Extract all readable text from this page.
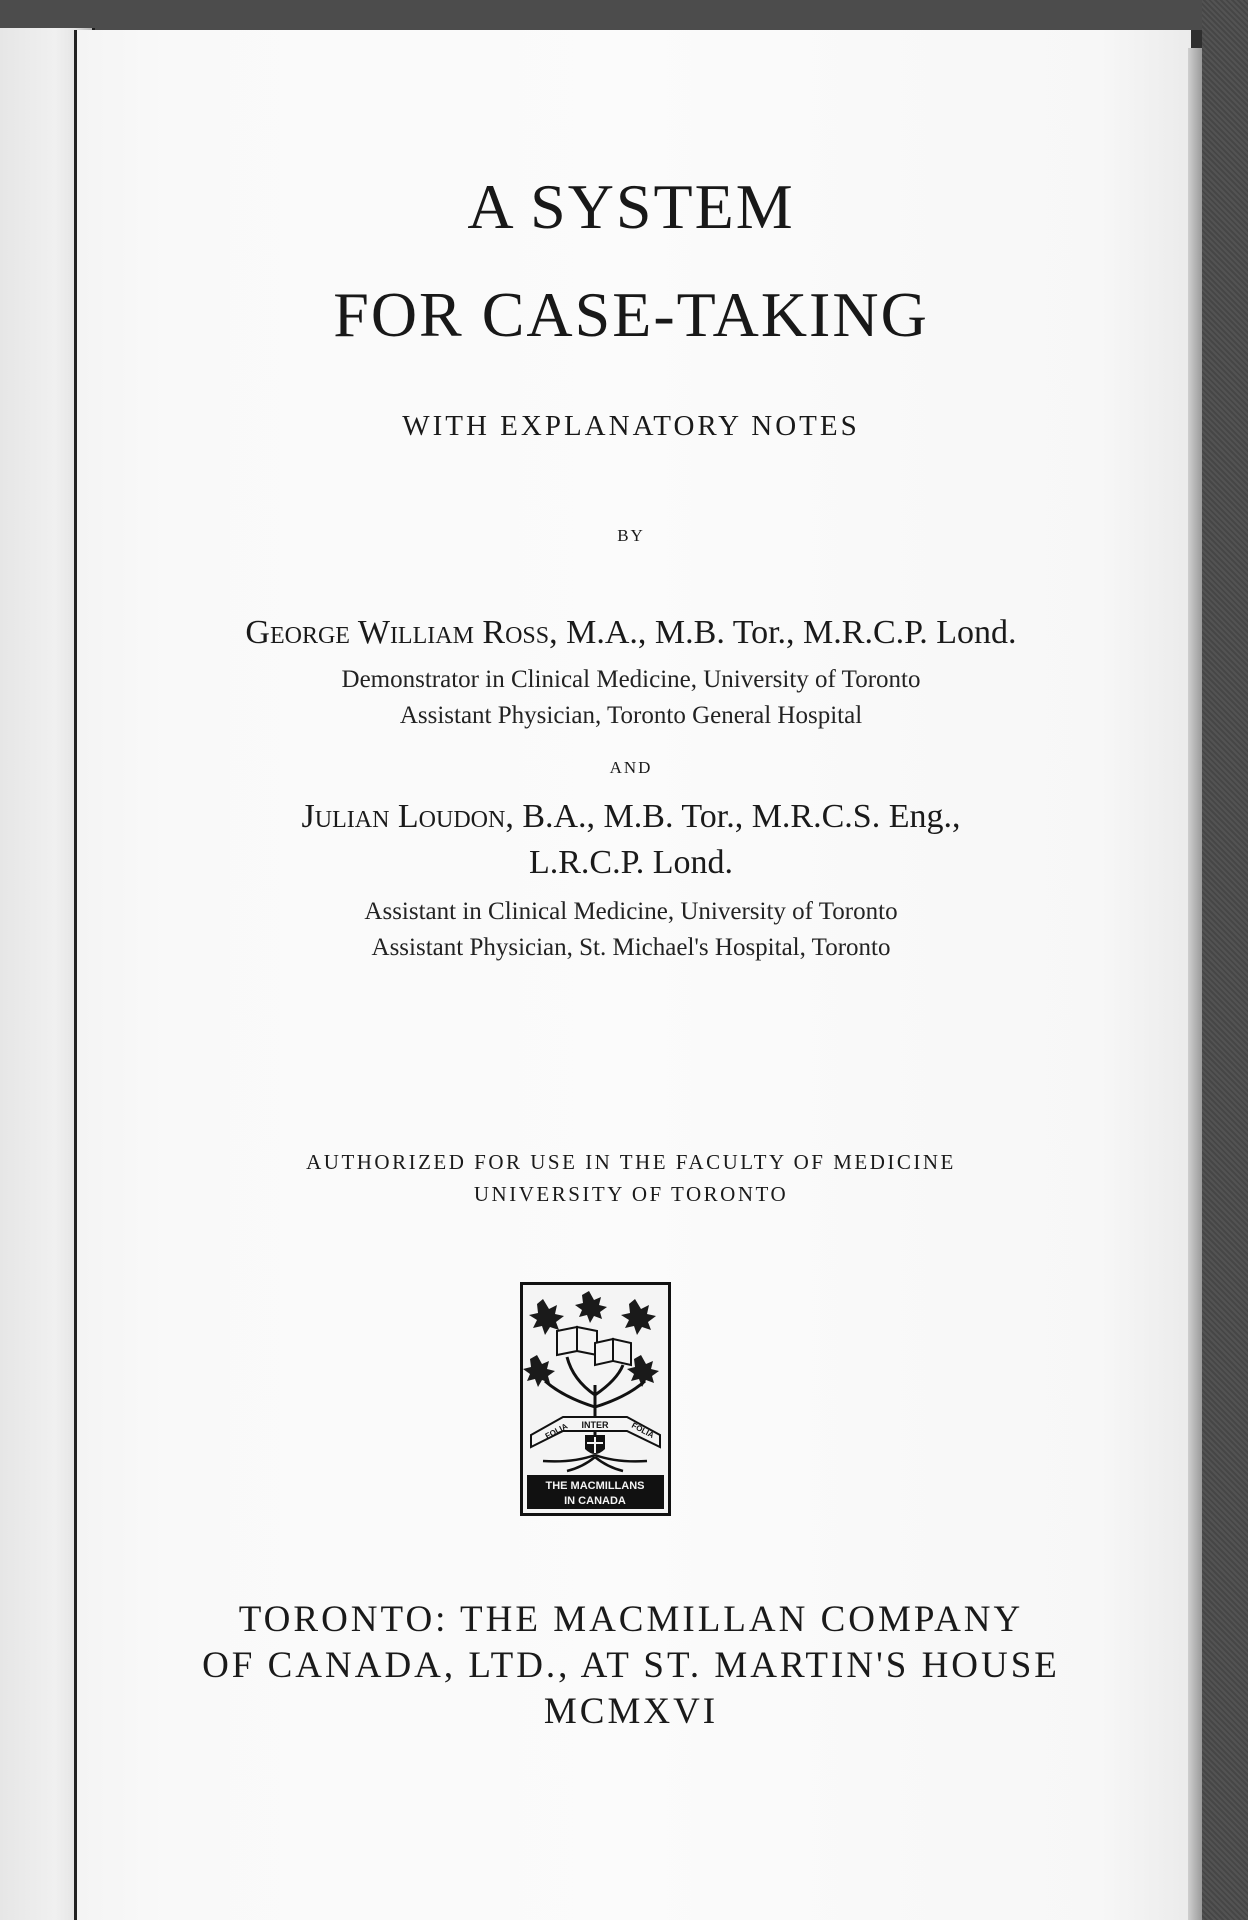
A SYSTEM
FOR CASE-TAKING
WITH EXPLANATORY NOTES
BY
George William Ross, M.A., M.B. Tor., M.R.C.P. Lond.
Demonstrator in Clinical Medicine, University of Toronto
Assistant Physician, Toronto General Hospital
AND
Julian Loudon, B.A., M.B. Tor., M.R.C.S. Eng.,
L.R.C.P. Lond.
Assistant in Clinical Medicine, University of Toronto
Assistant Physician, St. Michael's Hospital, Toronto
AUTHORIZED FOR USE IN THE FACULTY OF MEDICINE
UNIVERSITY OF TORONTO
TORONTO: THE MACMILLAN COMPANY
OF CANADA, LTD., AT ST. MARTIN'S HOUSE
MCMXVI
FOLIA INTER	FOLIA
THE MACMILLANS
IN CANADA
